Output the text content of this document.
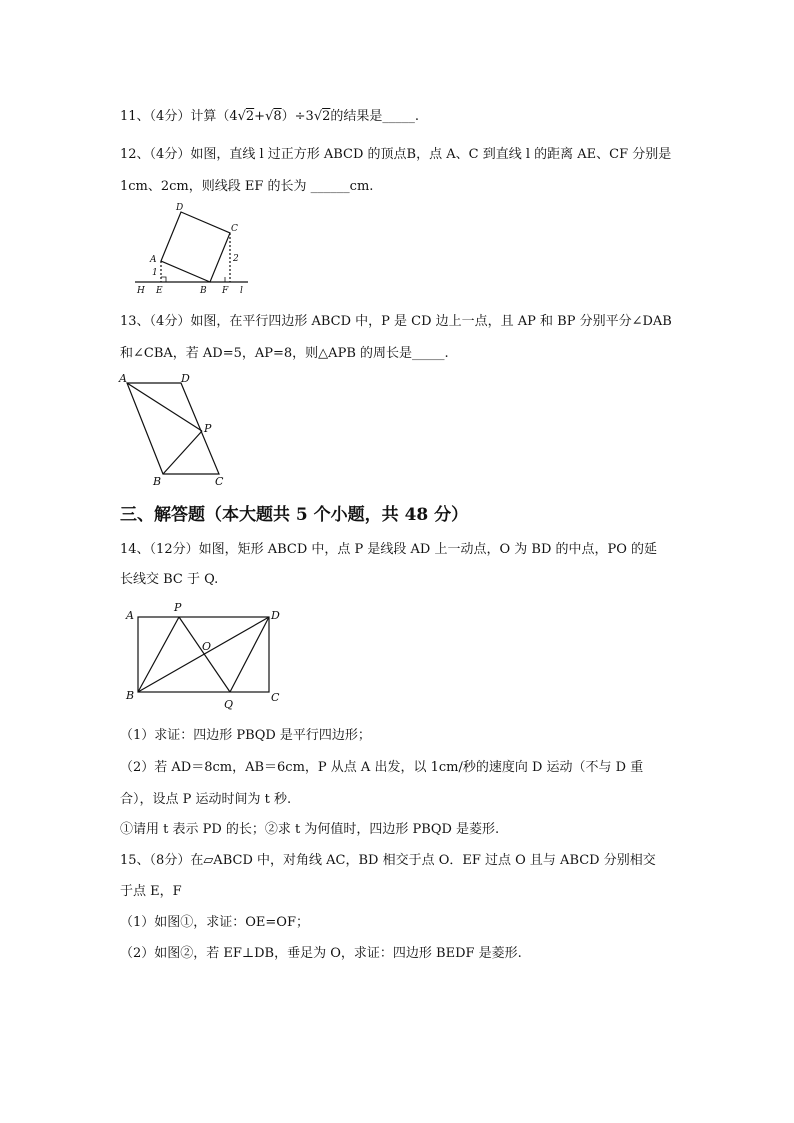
11、（4分）计算（4√2+√8）÷3√2的结果是_____.
12、（4分）如图，直线 l 过正方形 ABCD 的顶点B，点 A、C 到直线 l 的距离 AE、CF 分别是
1cm、2cm，则线段 EF 的长为 ______cm.
D
C
A
1
2
H E	B F l
13、（4分）如图，在平行四边形 ABCD 中，P 是 CD 边上一点，且 AP 和 BP 分别平分∠DAB
和∠CBA，若 AD=5，AP=8，则△APB 的周长是_____.
A	D
P
B	C
三、解答题（本大题共 5 个小题，共 48 分）
14、（12分）如图，矩形 ABCD 中，点 P 是线段 AD 上一动点，O 为 BD 的中点，PO 的延
长线交 BC 于 Q.
A
P
D
O
B
Q
C
（1）求证：四边形 PBQD 是平行四边形；
（2）若 AD＝8cm，AB＝6cm，P 从点 A 出发，以 1cm/秒的速度向 D 运动（不与 D 重
合），设点 P 运动时间为 t 秒.
①请用 t 表示 PD 的长；②求 t 为何值时，四边形 PBQD 是菱形.
15、（8分）在▱ABCD 中，对角线 AC，BD 相交于点 O．EF 过点 O 且与 ABCD 分别相交
于点 E，F
（1）如图①，求证：OE=OF；
（2）如图②，若 EF⊥DB，垂足为 O，求证：四边形 BEDF 是菱形.
